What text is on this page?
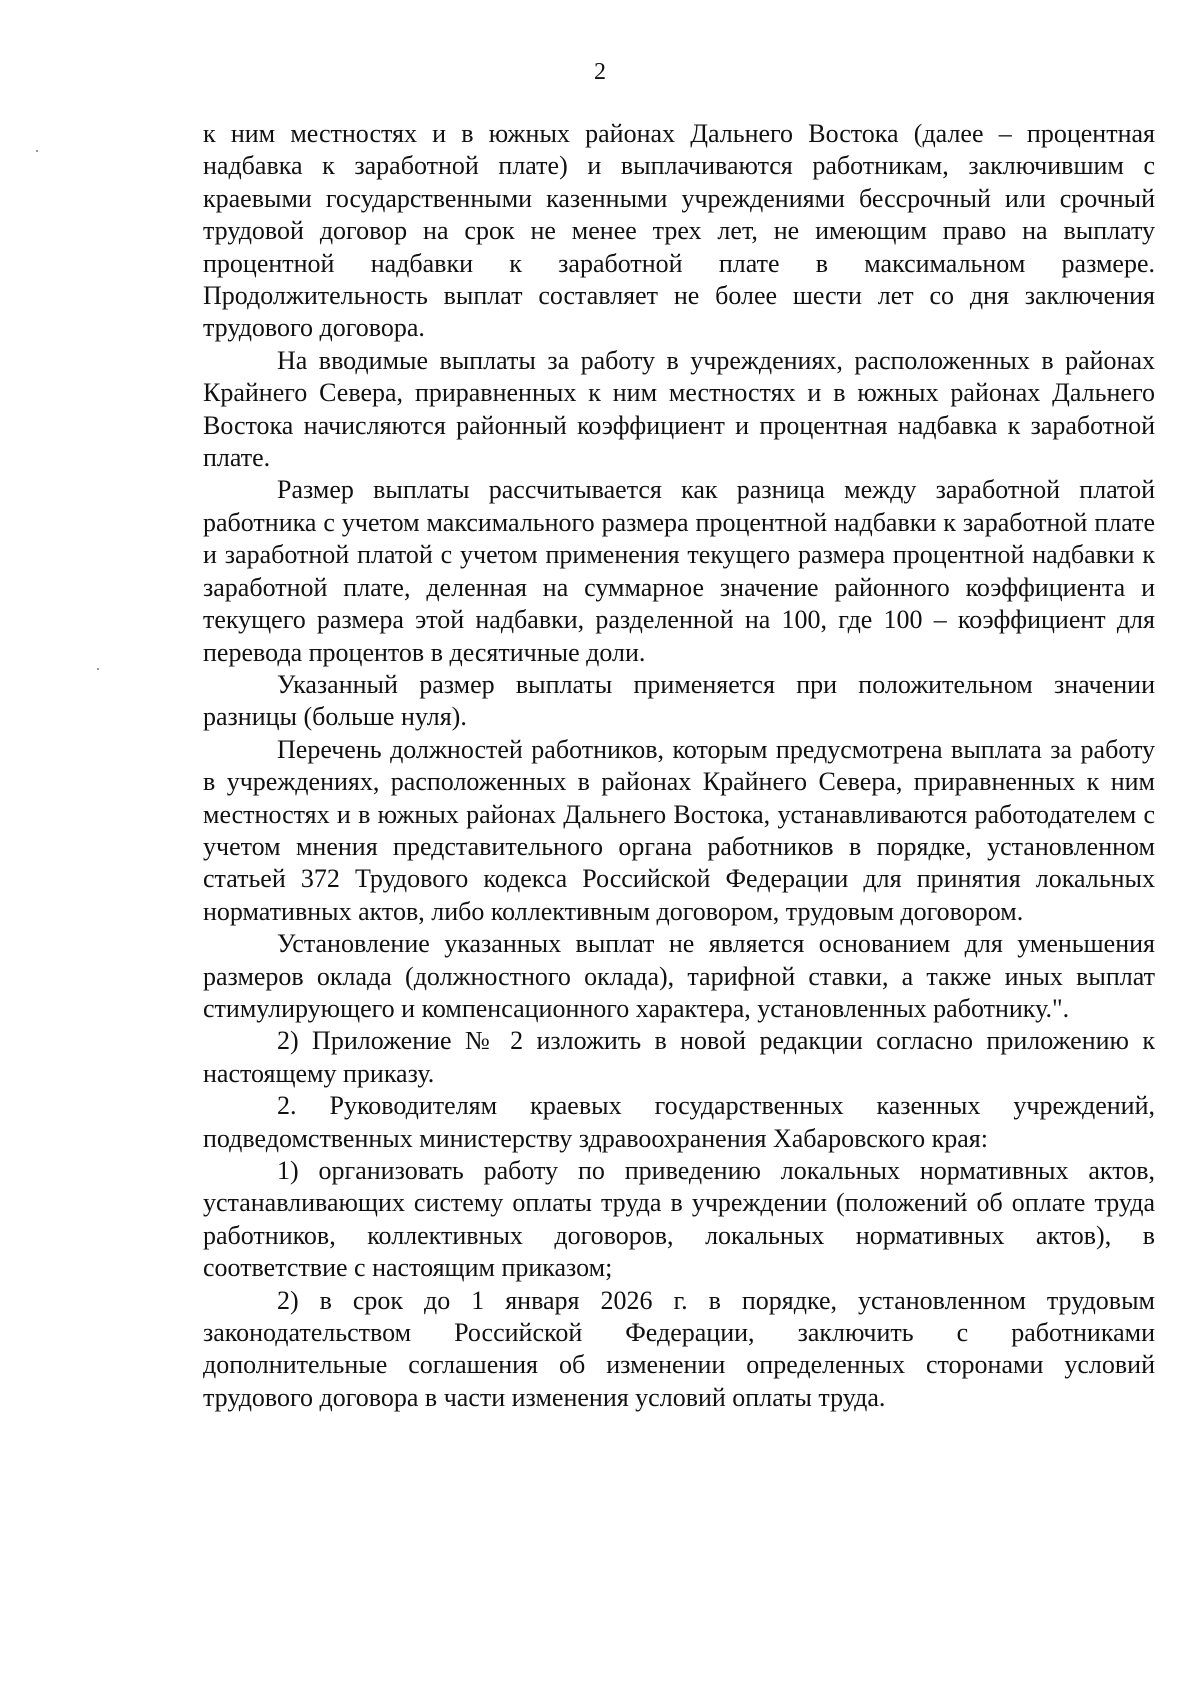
2

к ним местностях и в южных районах Дальнего Востока (далее – процентная надбавка к заработной плате) и выплачиваются работникам, заключившим с краевыми государственными казенными учреждениями бессрочный или срочный трудовой договор на срок не менее трех лет, не имеющим право на выплату процентной надбавки к заработной плате в максимальном размере. Продолжительность выплат составляет не более шести лет со дня заключения трудового договора.

На вводимые выплаты за работу в учреждениях, расположенных в районах Крайнего Севера, приравненных к ним местностях и в южных районах Дальнего Востока начисляются районный коэффициент и процентная надбавка к заработной плате.

Размер выплаты рассчитывается как разница между заработной платой работника с учетом максимального размера процентной надбавки к заработной плате и заработной платой с учетом применения текущего размера процентной надбавки к заработной плате, деленная на суммарное значение районного коэффициента и текущего размера этой надбавки, разделенной на 100, где 100 – коэффициент для перевода процентов в десятичные доли.

Указанный размер выплаты применяется при положительном значении разницы (больше нуля).

Перечень должностей работников, которым предусмотрена выплата за работу в учреждениях, расположенных в районах Крайнего Севера, приравненных к ним местностях и в южных районах Дальнего Востока, устанавливаются работодателем с учетом мнения представительного органа работников в порядке, установленном статьей 372 Трудового кодекса Российской Федерации для принятия локальных нормативных актов, либо коллективным договором, трудовым договором.

Установление указанных выплат не является основанием для уменьшения размеров оклада (должностного оклада), тарифной ставки, а также иных выплат стимулирующего и компенсационного характера, установленных работнику.".

2) Приложение № 2 изложить в новой редакции согласно приложению к настоящему приказу.

2. Руководителям краевых государственных казенных учреждений, подведомственных министерству здравоохранения Хабаровского края:

1) организовать работу по приведению локальных нормативных актов, устанавливающих систему оплаты труда в учреждении (положений об оплате труда работников, коллективных договоров, локальных нормативных актов), в соответствие с настоящим приказом;

2) в срок до 1 января 2026 г. в порядке, установленном трудовым законодательством Российской Федерации, заключить с работниками дополнительные соглашения об изменении определенных сторонами условий трудового договора в части изменения условий оплаты труда.
